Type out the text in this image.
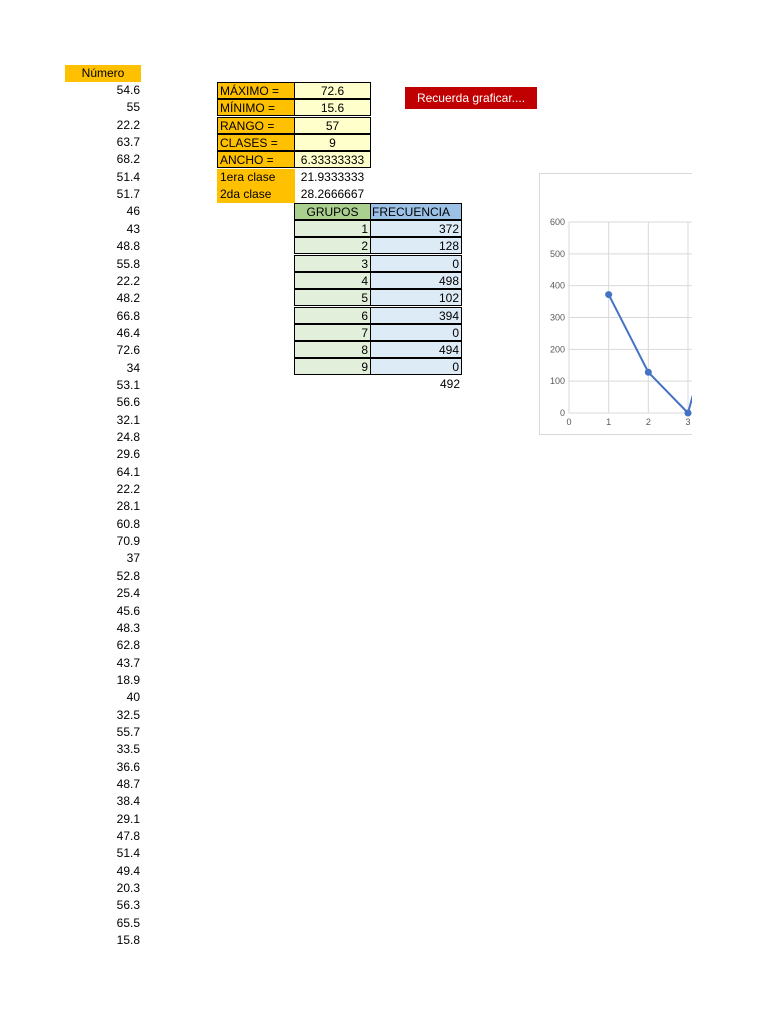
Número
54.6
55
22.2
63.7
68.2
51.4
51.7
46
43
48.8
55.8
22.2
48.2
66.8
46.4
72.6
34
53.1
56.6
32.1
24.8
29.6
64.1
22.2
28.1
60.8
70.9
37
52.8
25.4
45.6
48.3
62.8
43.7
18.9
40
32.5
55.7
33.5
36.6
48.7
38.4
29.1
47.8
51.4
49.4
20.3
56.3
65.5
15.8
MÁXIMO =	72.6
MÍNIMO =	15.6
RANGO =	57
CLASES =	9
ANCHO =	6.33333333
1era clase	21.9333333
2da clase	28.2666667
Recuerda graficar....
GRUPOS	FRECUENCIA
1	372
2	128
3	0
4	498
5	102
6	394
7	0
8	494
9	0
492
0
100
200
300
400
500
600
0	1	2	3
